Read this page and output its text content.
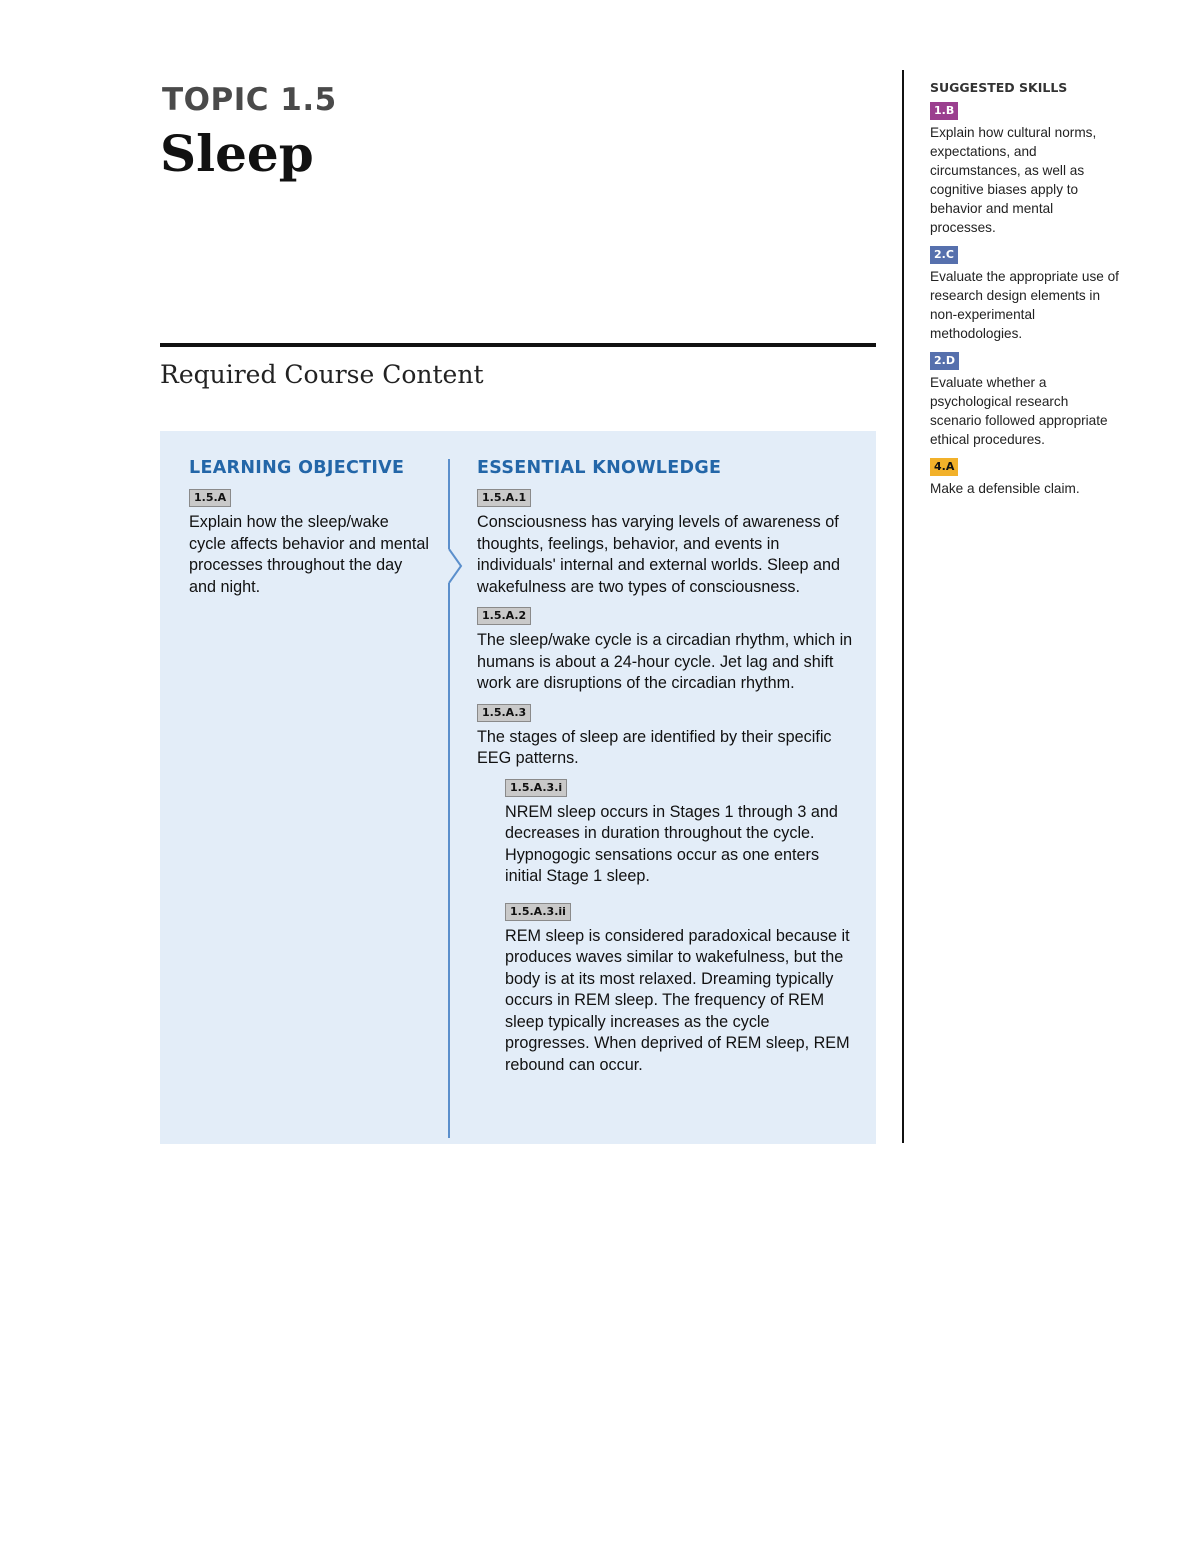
TOPIC 1.5
Sleep
Required Course Content
LEARNING OBJECTIVE
1.5.A

Explain how the sleep/wake cycle affects behavior and mental processes throughout the day and night.

ESSENTIAL KNOWLEDGE
1.5.A.1

Consciousness has varying levels of awareness of thoughts, feelings, behavior, and events in individuals' internal and external worlds. Sleep and wakefulness are two types of consciousness.

1.5.A.2

The sleep/wake cycle is a circadian rhythm, which in humans is about a 24-hour cycle. Jet lag and shift work are disruptions of the circadian rhythm.

1.5.A.3

The stages of sleep are identified by their specific EEG patterns.

1.5.A.3.i

NREM sleep occurs in Stages 1 through 3 and decreases in duration throughout the cycle. Hypnogogic sensations occur as one enters initial Stage 1 sleep.

1.5.A.3.ii

REM sleep is considered paradoxical because it produces waves similar to wakefulness, but the body is at its most relaxed. Dreaming typically occurs in REM sleep. The frequency of REM sleep typically increases as the cycle progresses. When deprived of REM sleep, REM rebound can occur.

SUGGESTED SKILLS
1.B

Explain how cultural norms, expectations, and circumstances, as well as cognitive biases apply to behavior and mental processes.

2.C

Evaluate the appropriate use of research design elements in non-experimental methodologies.

2.D

Evaluate whether a psychological research scenario followed appropriate ethical procedures.

4.A

Make a defensible claim.
